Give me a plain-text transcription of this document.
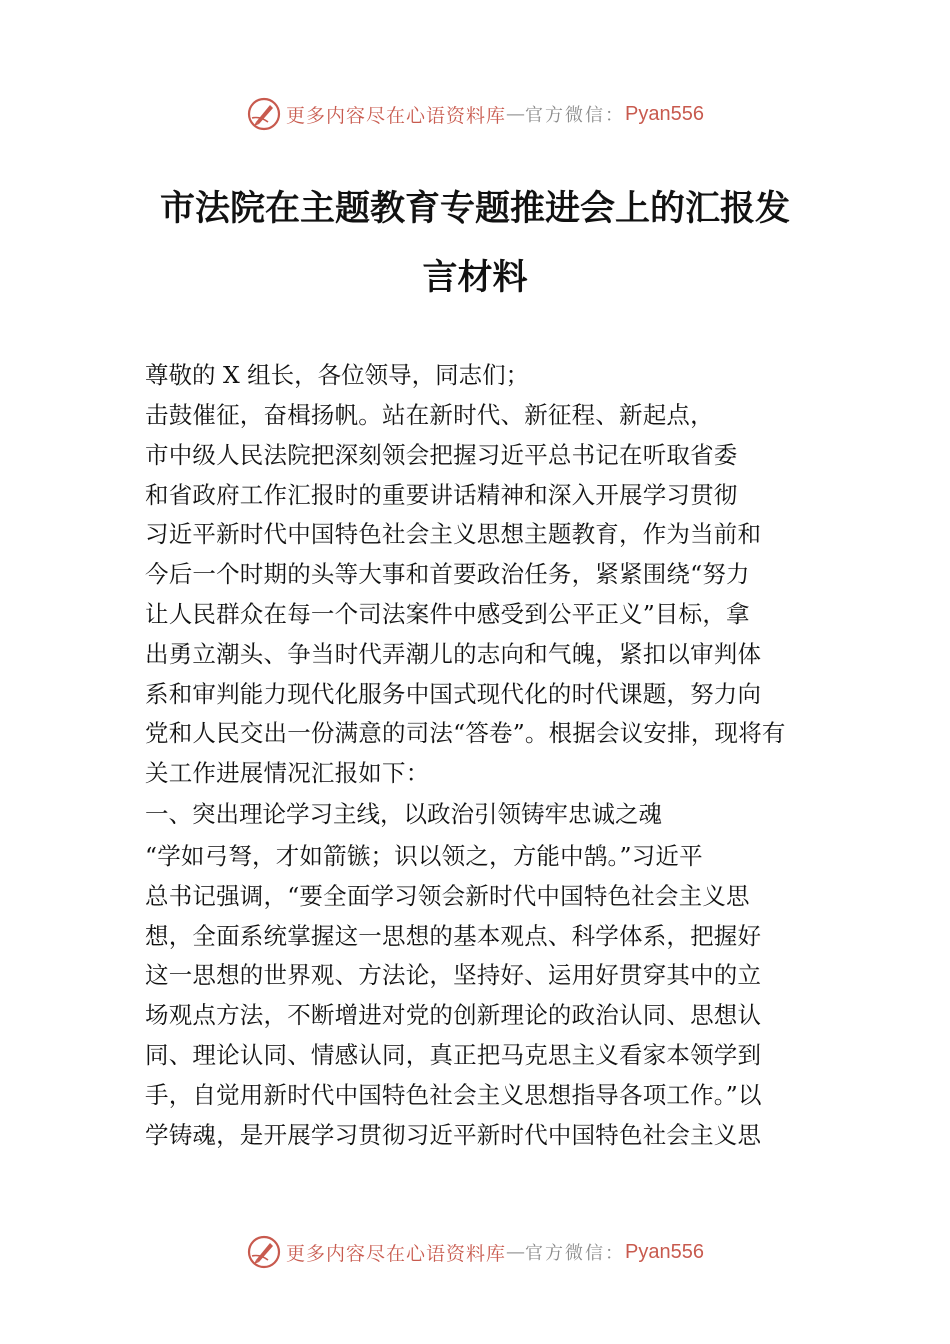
更多内容尽在心语资料库 — 官方微信： Pyan556
市法院在主题教育专题推进会上的汇报发
言材料
尊敬的 X 组长，各位领导，同志们；
击鼓催征，奋楫扬帆。站在新时代、新征程、新起点，
市中级人民法院把深刻领会把握习近平总书记在听取省委
和省政府工作汇报时的重要讲话精神和深入开展学习贯彻
习近平新时代中国特色社会主义思想主题教育，作为当前和
今后一个时期的头等大事和首要政治任务，紧紧围绕“努力
让人民群众在每一个司法案件中感受到公平正义”目标，拿
出勇立潮头、争当时代弄潮儿的志向和气魄，紧扣以审判体
系和审判能力现代化服务中国式现代化的时代课题，努力向
党和人民交出一份满意的司法“答卷”。根据会议安排，现将有
关工作进展情况汇报如下：
一、突出理论学习主线，以政治引领铸牢忠诚之魂
“学如弓弩，才如箭镞；识以领之，方能中鹄。”习近平
总书记强调，“要全面学习领会新时代中国特色社会主义思
想，全面系统掌握这一思想的基本观点、科学体系，把握好
这一思想的世界观、方法论，坚持好、运用好贯穿其中的立
场观点方法，不断增进对党的创新理论的政治认同、思想认
同、理论认同、情感认同，真正把马克思主义看家本领学到
手，自觉用新时代中国特色社会主义思想指导各项工作。”以
学铸魂，是开展学习贯彻习近平新时代中国特色社会主义思
更多内容尽在心语资料库 — 官方微信： Pyan556
